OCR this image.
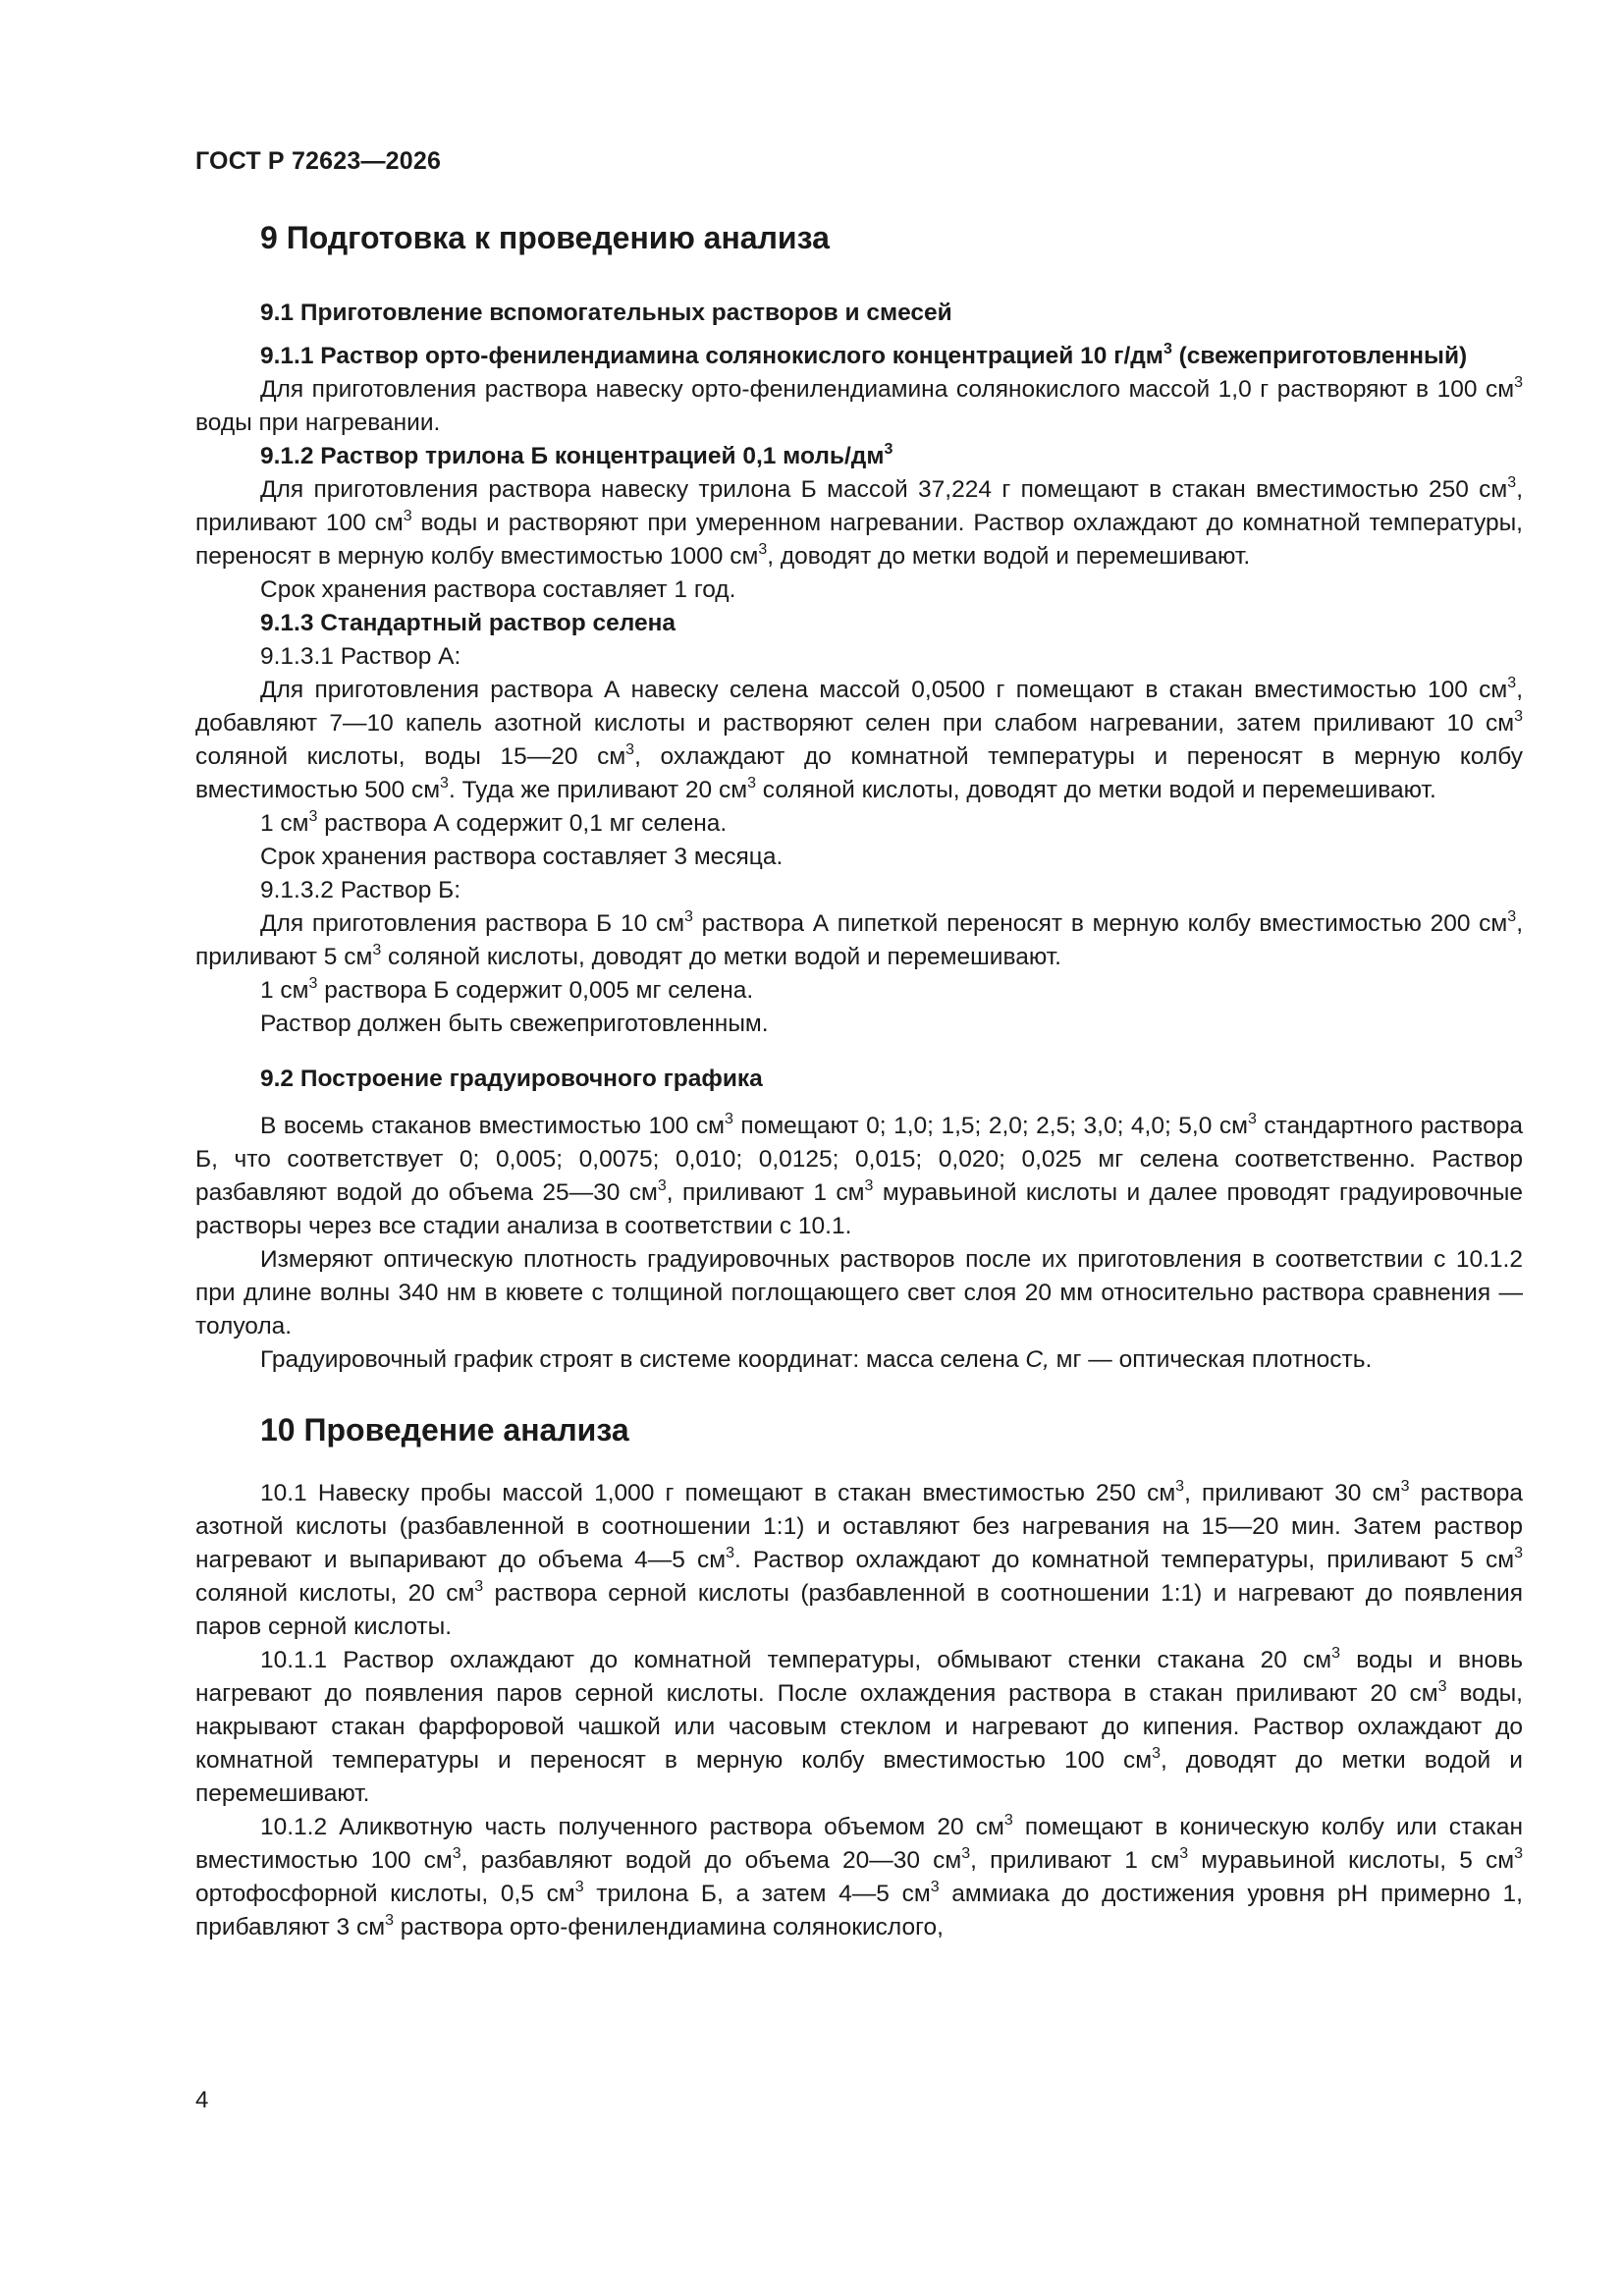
ГОСТ Р 72623—2026
9 Подготовка к проведению анализа
9.1 Приготовление вспомогательных растворов и смесей
9.1.1 Раствор орто-фенилендиамина солянокислого концентрацией 10 $г/дм^3$ (свежеприготовленный)

Для приготовления раствора навеску орто-фенилендиамина солянокислого массой 1,0 г растворяют в 100 $см^3$ воды при нагревании.

9.1.2 Раствор трилона Б концентрацией 0,1 моль/$дм^3$

Для приготовления раствора навеску трилона Б массой 37,224 г помещают в стакан вместимостью 250 $см^3$, приливают 100 $см^3$ воды и растворяют при умеренном нагревании. Раствор охлаждают до комнатной температуры, переносят в мерную колбу вместимостью 1000 $см^3$, доводят до метки водой и перемешивают.

Срок хранения раствора составляет 1 год.

9.1.3 Стандартный раствор селена

9.1.3.1 Раствор А:

Для приготовления раствора А навеску селена массой 0,0500 г помещают в стакан вместимостью 100 $см^3$, добавляют 7—10 капель азотной кислоты и растворяют селен при слабом нагревании, затем приливают 10 $см^3$ соляной кислоты, воды 15—20 $см^3$, охлаждают до комнатной температуры и переносят в мерную колбу вместимостью 500 $см^3$. Туда же приливают 20 $см^3$ соляной кислоты, доводят до метки водой и перемешивают.

1 $см^3$ раствора А содержит 0,1 мг селена.

Срок хранения раствора составляет 3 месяца.

9.1.3.2 Раствор Б:

Для приготовления раствора Б 10 $см^3$ раствора А пипеткой переносят в мерную колбу вместимостью 200 $см^3$, приливают 5 $см^3$ соляной кислоты, доводят до метки водой и перемешивают.

1 $см^3$ раствора Б содержит 0,005 мг селена.

Раствор должен быть свежеприготовленным.

9.2 Построение градуировочного графика

В восемь стаканов вместимостью 100 $см^3$ помещают 0; 1,0; 1,5; 2,0; 2,5; 3,0; 4,0; 5,0 $см^3$ стандартного раствора Б, что соответствует 0; 0,005; 0,0075; 0,010; 0,0125; 0,015; 0,020; 0,025 мг селена соответственно. Раствор разбавляют водой до объема 25—30 $см^3$, приливают 1 $см^3$ муравьиной кислоты и далее проводят градуировочные растворы через все стадии анализа в соответствии с 10.1.

Измеряют оптическую плотность градуировочных растворов после их приготовления в соответствии с 10.1.2 при длине волны 340 нм в кювете с толщиной поглощающего свет слоя 20 мм относительно раствора сравнения — толуола.

Градуировочный график строят в системе координат: масса селена С, мг — оптическая плотность.

10 Проведение анализа

10.1 Навеску пробы массой 1,000 г помещают в стакан вместимостью 250 $см^3$, приливают 30 $см^3$ раствора азотной кислоты (разбавленной в соотношении 1:1) и оставляют без нагревания на 15—20 мин. Затем раствор нагревают и выпаривают до объема 4—5 $см^3$. Раствор охлаждают до комнатной температуры, приливают 5 $см^3$ соляной кислоты, 20 $см^3$ раствора серной кислоты (разбавленной в соотношении 1:1) и нагревают до появления паров серной кислоты.

10.1.1 Раствор охлаждают до комнатной температуры, обмывают стенки стакана 20 $см^3$ воды и вновь нагревают до появления паров серной кислоты. После охлаждения раствора в стакан приливают 20 $см^3$ воды, накрывают стакан фарфоровой чашкой или часовым стеклом и нагревают до кипения. Раствор охлаждают до комнатной температуры и переносят в мерную колбу вместимостью 100 $см^3$, доводят до метки водой и перемешивают.

10.1.2 Аликвотную часть полученного раствора объемом 20 $см^3$ помещают в коническую колбу или стакан вместимостью 100 $см^3$, разбавляют водой до объема 20—30 $см^3$, приливают 1 $см^3$ муравьиной кислоты, 5 $см^3$ ортофосфорной кислоты, 0,5 $см^3$ трилона Б, а затем 4—5 $см^3$ аммиака до достижения уровня pH примерно 1, прибавляют 3 $см^3$ раствора орто-фенилендиамина солянокислого,

4
